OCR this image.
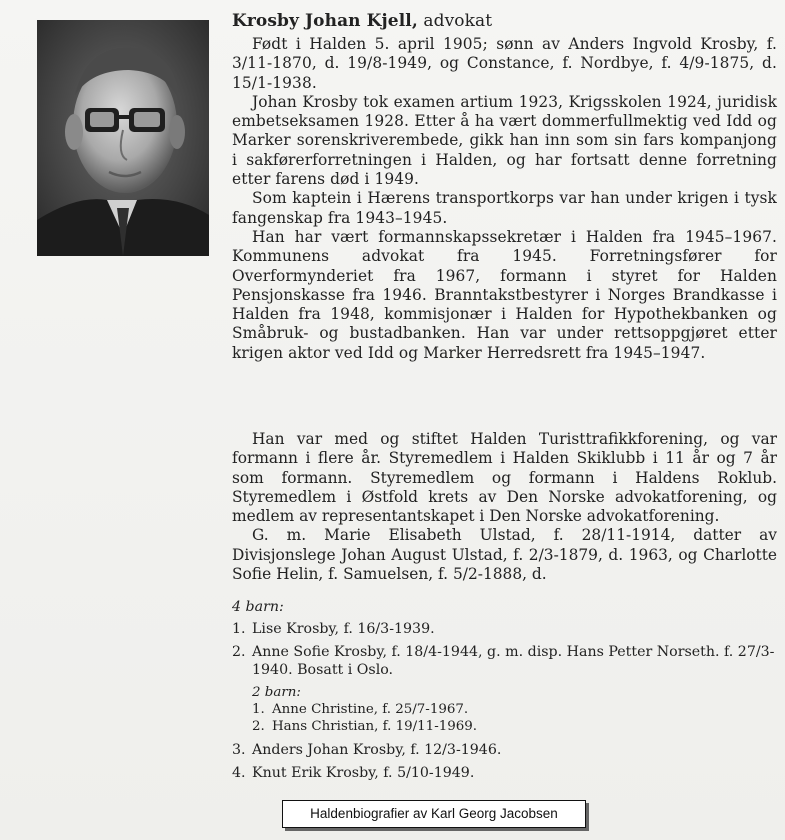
Krosby Johan Kjell, advokat

Født i Halden 5. april 1905; sønn av Anders Ingvold Krosby, f. 3/11-1870, d. 19/8-1949, og Constance, f. Nordbye, f. 4/9-1875, d. 15/1-1938.

Johan Krosby tok examen artium 1923, Krigsskolen 1924, juridisk embetseksamen 1928. Etter å ha vært dommerfullmektig ved Idd og Marker sorenskriverembede, gikk han inn som sin fars kompanjong i sakførerforretningen i Halden, og har fortsatt denne forretning etter farens død i 1949.

Som kaptein i Hærens transportkorps var han under krigen i tysk fangenskap fra 1943–1945.

Han har vært formannskapssekretær i Halden fra 1945–1967. Kommunens advokat fra 1945. Forretningsfører for Overformynderiet fra 1967, formann i styret for Halden Pensjonskasse fra 1946. Branntakstbestyrer i Norges Brandkasse i Halden fra 1948, kommisjonær i Halden for Hypothekbanken og Småbruk- og bustadbanken. Han var under rettsoppgjøret etter krigen aktor ved Idd og Marker Herredsrett fra 1945–1947.

Han var med og stiftet Halden Turisttrafikkforening, og var formann i flere år. Styremedlem i Halden Skiklubb i 11 år og 7 år som formann. Styremedlem og formann i Haldens Roklub. Styremedlem i Østfold krets av Den Norske advokatforening, og medlem av representantskapet i Den Norske advokatforening.

G. m. Marie Elisabeth Ulstad, f. 28/11-1914, datter av Divisjonslege Johan August Ulstad, f. 2/3-1879, d. 1963, og Charlotte Sofie Helin, f. Samuelsen, f. 5/2-1888, d.

4 barn:
1. Lise Krosby, f. 16/3-1939.
2. Anne Sofie Krosby, f. 18/4-1944, g. m. disp. Hans Petter Norseth. f. 27/3-1940. Bosatt i Oslo.
2 barn:
1. Anne Christine, f. 25/7-1967.
2. Hans Christian, f. 19/11-1969.
3. Anders Johan Krosby, f. 12/3-1946.
4. Knut Erik Krosby, f. 5/10-1949.
Haldenbiografier av Karl Georg Jacobsen
